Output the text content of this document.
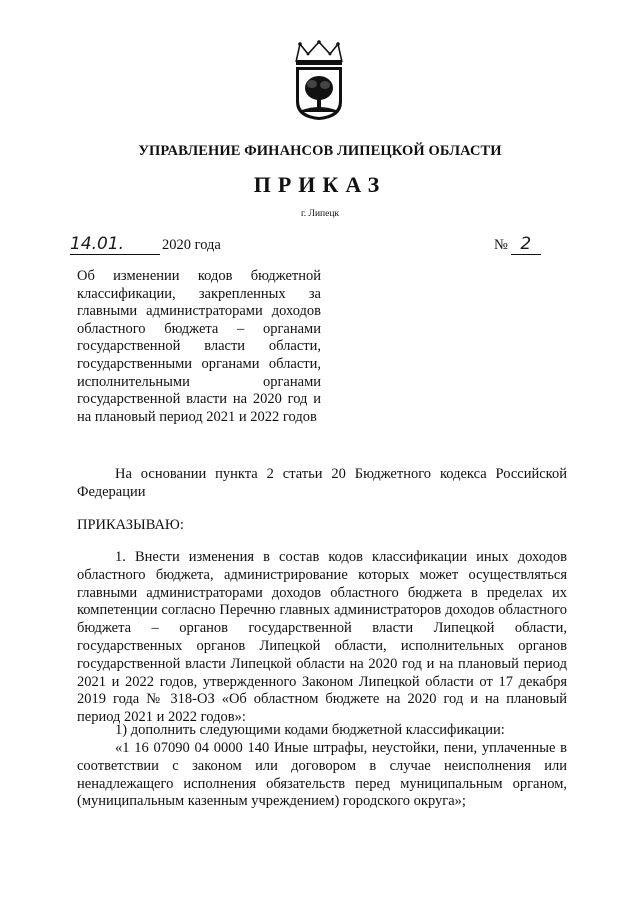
УПРАВЛЕНИЕ ФИНАНСОВ ЛИПЕЦКОЙ ОБЛАСТИ
ПРИКАЗ
г. Липецк
14.01.	2020 года	№ 2
Об изменении кодов бюджетной классификации, закрепленных за главными администраторами доходов областного бюджета – органами государственной власти области, государственными органами области, исполнительными органами государственной власти на 2020 год и на плановый период 2021 и 2022 годов
На основании пункта 2 статьи 20 Бюджетного кодекса Российской Федерации
ПРИКАЗЫВАЮ:
1. Внести изменения в состав кодов классификации иных доходов областного бюджета, администрирование которых может осуществляться главными администраторами доходов областного бюджета в пределах их компетенции согласно Перечню главных администраторов доходов областного бюджета – органов государственной власти Липецкой области, государственных органов Липецкой области, исполнительных органов государственной власти Липецкой области на 2020 год и на плановый период 2021 и 2022 годов, утвержденного Законом Липецкой области от 17 декабря 2019 года № 318-ОЗ «Об областном бюджете на 2020 год и на плановый период 2021 и 2022 годов»:
1) дополнить следующими кодами бюджетной классификации:
«1 16 07090 04 0000 140 Иные штрафы, неустойки, пени, уплаченные в соответствии с законом или договором в случае неисполнения или ненадлежащего исполнения обязательств перед муниципальным органом, (муниципальным казенным учреждением) городского округа»;
